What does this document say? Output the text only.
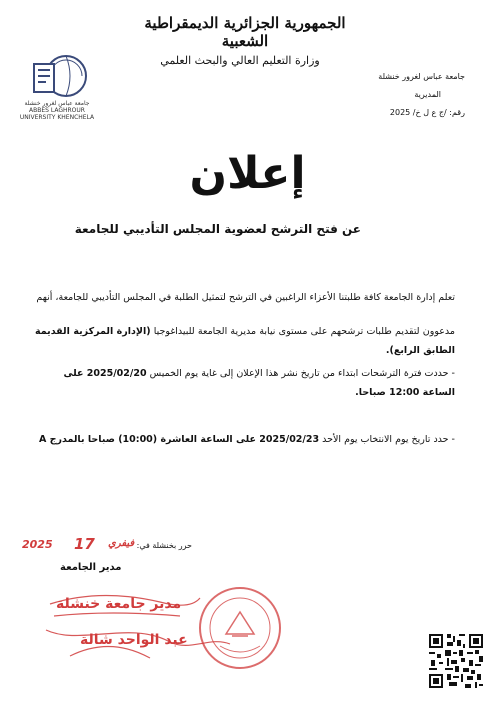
الجمهورية الجزائرية الديمقراطية الشعبية
وزارة التعليم العالي والبحث العلمي
جامعة عباس لغرور خنشلة
ABBES LAGHROUR UNIVERSITY KHENCHELA
جامعة عباس لغرور خنشلة
المديرية
رقم: /ج ع ل خ/ 2025
إعلان
عن فتح الترشح لعضوية المجلس التأديبي للجامعة
تعلم إدارة الجامعة كافة طلبتنا الأعزاء الراغبين في الترشح لتمثيل الطلبة في المجلس التأديبي للجامعة، أنهم
مدعوون لتقديم طلبات ترشحهم على مستوى نيابة مديرية الجامعة للبيداغوجيا (الإدارة المركزية القديمة الطابق الرابع).
- حددت فترة الترشحات ابتداء من تاريخ نشر هذا الإعلان إلى غاية يوم الخميس 2025/02/20 على الساعة 12:00 صباحا.
- حدد تاريخ يوم الانتخاب يوم الأحد 2025/02/23 على الساعة العاشرة (10:00) صباحا بالمدرج A
حرر بخنشلة في:
2025 17 فيفري
مدير الجامعة
مدير جامعة خنشلة
عبد الواحد شالة
